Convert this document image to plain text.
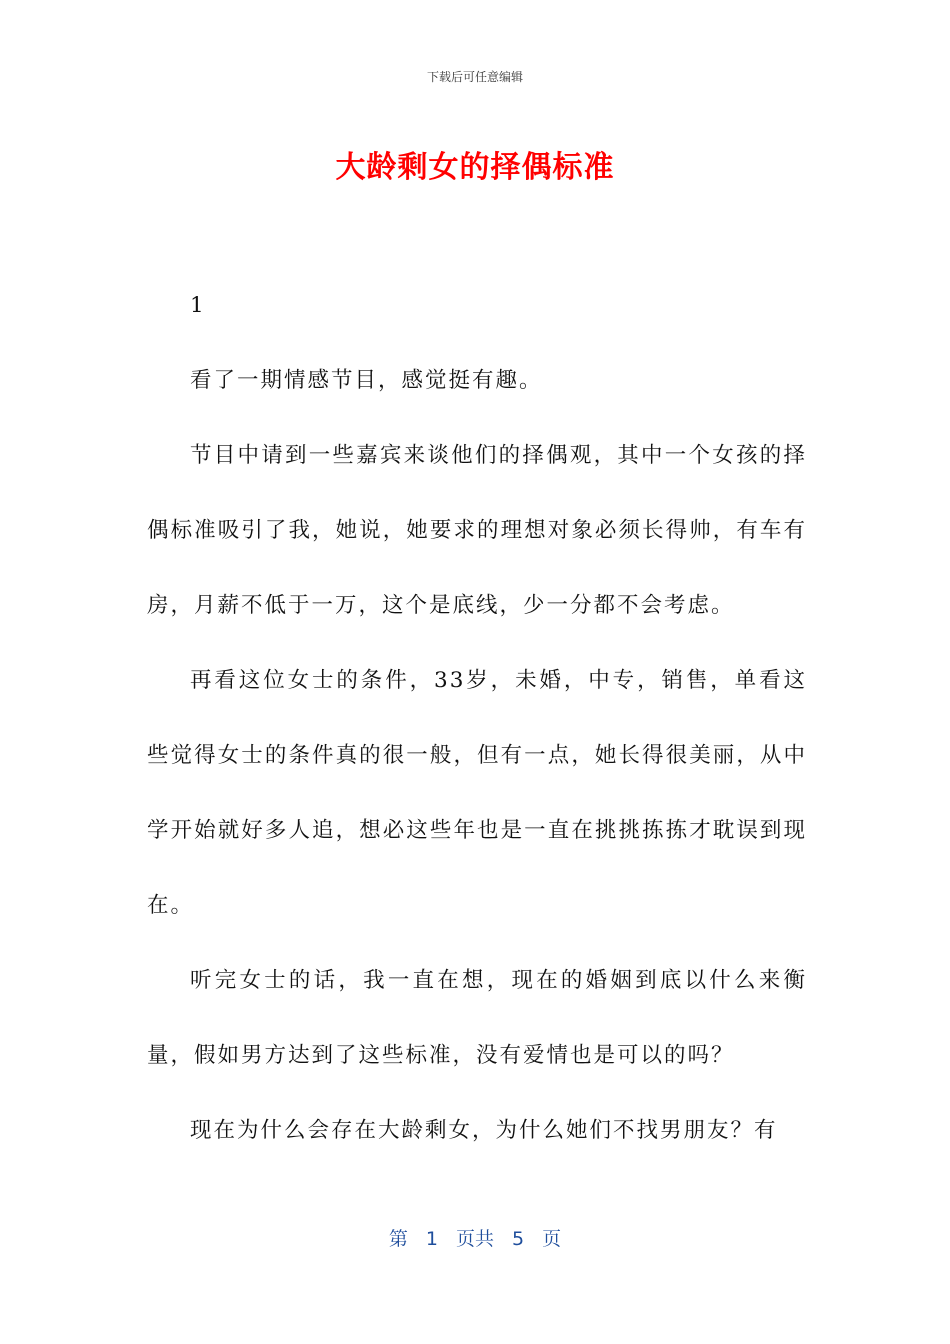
下载后可任意编辑
大龄剩女的择偶标准

1

看了一期情感节目，感觉挺有趣。

节目中请到一些嘉宾来谈他们的择偶观，其中一个女孩的择偶标准吸引了我，她说，她要求的理想对象必须长得帅，有车有房，月薪不低于一万，这个是底线，少一分都不会考虑。

再看这位女士的条件，33岁，未婚，中专，销售，单看这些觉得女士的条件真的很一般，但有一点，她长得很美丽，从中学开始就好多人追，想必这些年也是一直在挑挑拣拣才耽误到现在。

听完女士的话，我一直在想，现在的婚姻到底以什么来衡量，假如男方达到了这些标准，没有爱情也是可以的吗？

现在为什么会存在大龄剩女，为什么她们不找男朋友？有

第 1 页共 5 页
